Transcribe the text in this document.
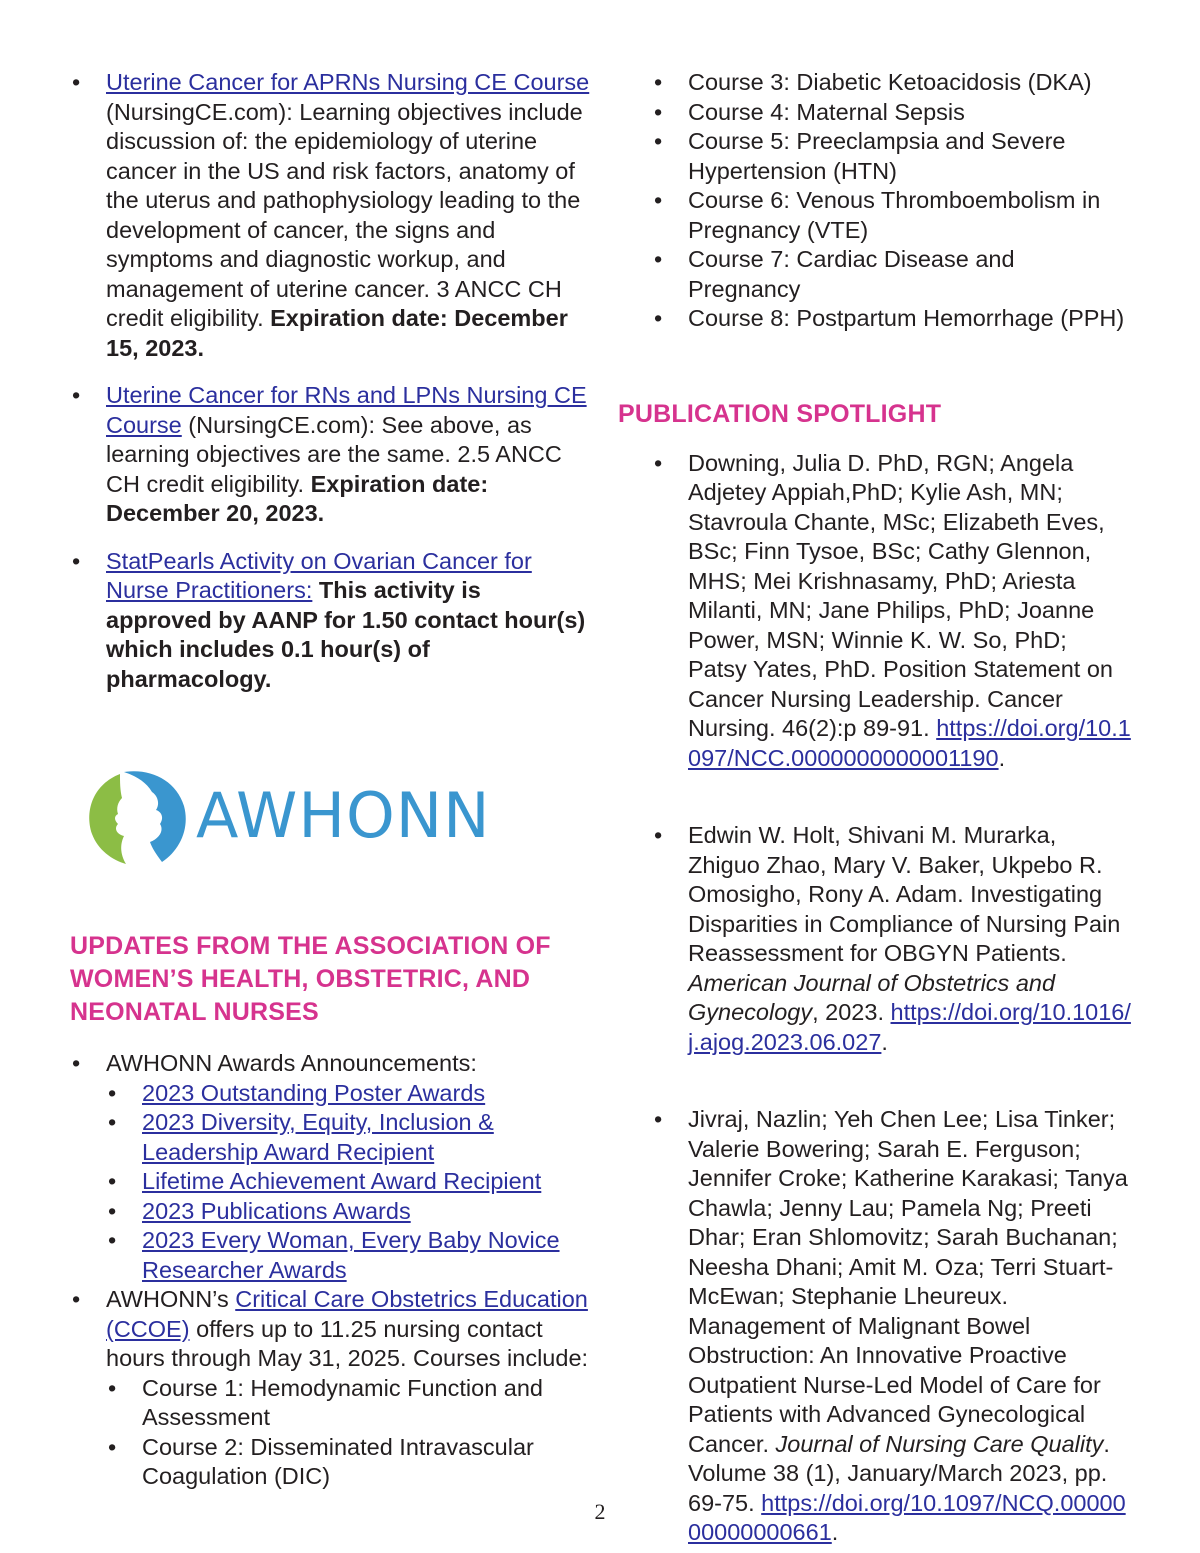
• Uterine Cancer for APRNs Nursing CE Course
(NursingCE.com): Learning objectives include discussion of: the epidemiology of uterine cancer in the US and risk factors, anatomy of the uterus and pathophysiology leading to the development of cancer, the signs and symptoms and diagnostic workup, and management of uterine cancer. 3 ANCC CH credit eligibility. Expiration date: December 15, 2023.
• Uterine Cancer for RNs and LPNs Nursing CE Course (NursingCE.com): See above, as learning objectives are the same. 2.5 ANCC CH credit eligibility. Expiration date: December 20, 2023.
• StatPearls Activity on Ovarian Cancer for Nurse Practitioners: This activity is approved by AANP for 1.50 contact hour(s) which includes 0.1 hour(s) of pharmacology.
AWHONN
UPDATES FROM THE ASSOCIATION OF WOMEN’S HEALTH, OBSTETRIC, AND NEONATAL NURSES
• AWHONN Awards Announcements:
• 2023 Outstanding Poster Awards
• 2023 Diversity, Equity, Inclusion & Leadership Award Recipient
• Lifetime Achievement Award Recipient
• 2023 Publications Awards
• 2023 Every Woman, Every Baby Novice Researcher Awards
• AWHONN’s Critical Care Obstetrics Education (CCOE) offers up to 11.25 nursing contact hours through May 31, 2025. Courses include:
• Course 1: Hemodynamic Function and Assessment
• Course 2: Disseminated Intravascular Coagulation (DIC)
• Course 3: Diabetic Ketoacidosis (DKA)
• Course 4: Maternal Sepsis
• Course 5: Preeclampsia and Severe Hypertension (HTN)
• Course 6: Venous Thromboembolism in Pregnancy (VTE)
• Course 7: Cardiac Disease and Pregnancy
• Course 8: Postpartum Hemorrhage (PPH)
PUBLICATION SPOTLIGHT
• Downing, Julia D. PhD, RGN; Angela Adjetey Appiah,PhD; Kylie Ash, MN; Stavroula Chante, MSc; Elizabeth Eves, BSc; Finn Tysoe, BSc; Cathy Glennon, MHS; Mei Krishnasamy, PhD; Ariesta Milanti, MN; Jane Philips, PhD; Joanne Power, MSN; Winnie K. W. So, PhD; Patsy Yates, PhD. Position Statement on Cancer Nursing Leadership. Cancer Nursing. 46(2):p 89-91. https://doi.org/10.1097/NCC.0000000000001190.
• Edwin W. Holt, Shivani M. Murarka, Zhiguo Zhao, Mary V. Baker, Ukpebo R. Omosigho, Rony A. Adam. Investigating Disparities in Compliance of Nursing Pain Reassessment for OBGYN Patients. American Journal of Obstetrics and Gynecology, 2023. https://doi.org/10.1016/j.ajog.2023.06.027.
• Jivraj, Nazlin; Yeh Chen Lee; Lisa Tinker; Valerie Bowering; Sarah E. Ferguson; Jennifer Croke; Katherine Karakasi; Tanya Chawla; Jenny Lau; Pamela Ng; Preeti Dhar; Eran Shlomovitz; Sarah Buchanan; Neesha Dhani; Amit M. Oza; Terri Stuart-McEwan; Stephanie Lheureux. Management of Malignant Bowel Obstruction: An Innovative Proactive Outpatient Nurse-Led Model of Care for Patients with Advanced Gynecological Cancer. Journal of Nursing Care Quality. Volume 38 (1), January/March 2023, pp. 69-75. https://doi.org/10.1097/NCQ.0000000000000661.
2
